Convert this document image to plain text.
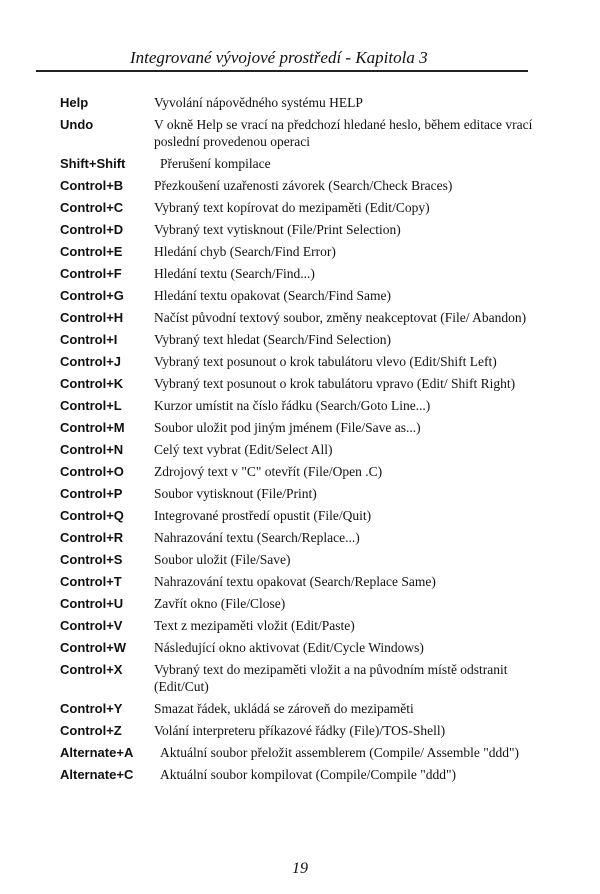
Integrované vývojové prostředí - Kapitola 3
Help	Vyvolání nápovědného systému HELP
Undo	V okně Help se vrací na předchozí hledané heslo, během editace vrací poslední provedenou operaci
Shift+Shift	Přerušení kompilace
Control+B	Přezkoušení uzařenosti závorek (Search/Check Braces)
Control+C	Vybraný text kopírovat do mezipaměti (Edit/Copy)
Control+D	Vybraný text vytisknout (File/Print Selection)
Control+E	Hledání chyb (Search/Find Error)
Control+F	Hledání textu (Search/Find...)
Control+G	Hledání textu opakovat (Search/Find Same)
Control+H	Načíst původní textový soubor, změny neakceptovat (File/ Abandon)
Control+I	Vybraný text hledat (Search/Find Selection)
Control+J	Vybraný text posunout o krok tabulátoru vlevo (Edit/Shift Left)
Control+K	Vybraný text posunout o krok tabulátoru vpravo (Edit/ Shift Right)
Control+L	Kurzor umístit na číslo řádku (Search/Goto Line...)
Control+M	Soubor uložit pod jiným jménem (File/Save as...)
Control+N	Celý text vybrat (Edit/Select All)
Control+O	Zdrojový text v "C" otevřít (File/Open .C)
Control+P	Soubor vytisknout (File/Print)
Control+Q	Integrované prostředí opustit (File/Quit)
Control+R	Nahrazování textu (Search/Replace...)
Control+S	Soubor uložit (File/Save)
Control+T	Nahrazování textu opakovat (Search/Replace Same)
Control+U	Zavřít okno (File/Close)
Control+V	Text z mezipaměti vložit (Edit/Paste)
Control+W	Následující okno aktivovat (Edit/Cycle Windows)
Control+X	Vybraný text do mezipaměti vložit a na původním místě odstranit (Edit/Cut)
Control+Y	Smazat řádek, ukládá se zároveň do mezipaměti
Control+Z	Volání interpreteru příkazové řádky (File)/TOS-Shell)
Alternate+A	Aktuální soubor přeložit assemblerem (Compile/ Assemble "ddd")
Alternate+C	Aktuální soubor kompilovat (Compile/Compile "ddd")
19
